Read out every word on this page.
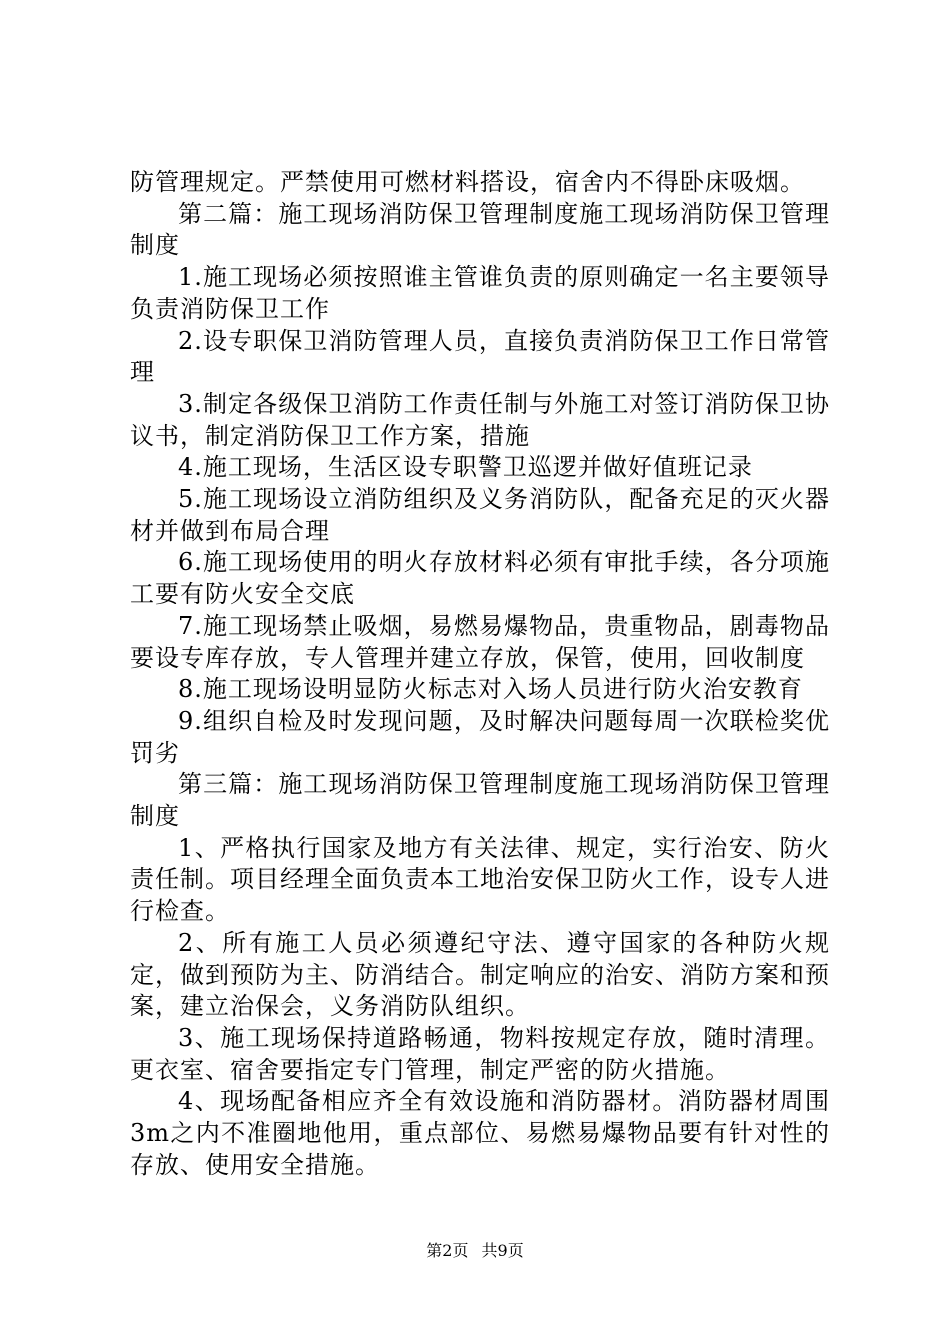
防管理规定。严禁使用可燃材料搭设，宿舍内不得卧床吸烟。

第二篇：施工现场消防保卫管理制度施工现场消防保卫管理制度

1.施工现场必须按照谁主管谁负责的原则确定一名主要领导负责消防保卫工作

2.设专职保卫消防管理人员，直接负责消防保卫工作日常管理

3.制定各级保卫消防工作责任制与外施工对签订消防保卫协议书，制定消防保卫工作方案，措施

4.施工现场，生活区设专职警卫巡逻并做好值班记录

5.施工现场设立消防组织及义务消防队，配备充足的灭火器材并做到布局合理

6.施工现场使用的明火存放材料必须有审批手续，各分项施工要有防火安全交底

7.施工现场禁止吸烟，易燃易爆物品，贵重物品，剧毒物品要设专库存放，专人管理并建立存放，保管，使用，回收制度

8.施工现场设明显防火标志对入场人员进行防火治安教育

9.组织自检及时发现问题，及时解决问题每周一次联检奖优罚劣

第三篇：施工现场消防保卫管理制度施工现场消防保卫管理制度

1、严格执行国家及地方有关法律、规定，实行治安、防火责任制。项目经理全面负责本工地治安保卫防火工作，设专人进行检查。

2、所有施工人员必须遵纪守法、遵守国家的各种防火规定，做到预防为主、防消结合。制定响应的治安、消防方案和预案，建立治保会，义务消防队组织。

3、施工现场保持道路畅通，物料按规定存放，随时清理。更衣室、宿舍要指定专门管理，制定严密的防火措施。

4、现场配备相应齐全有效设施和消防器材。消防器材周围3m之内不准圈地他用，重点部位、易燃易爆物品要有针对性的存放、使用安全措施。

第2页 共9页
